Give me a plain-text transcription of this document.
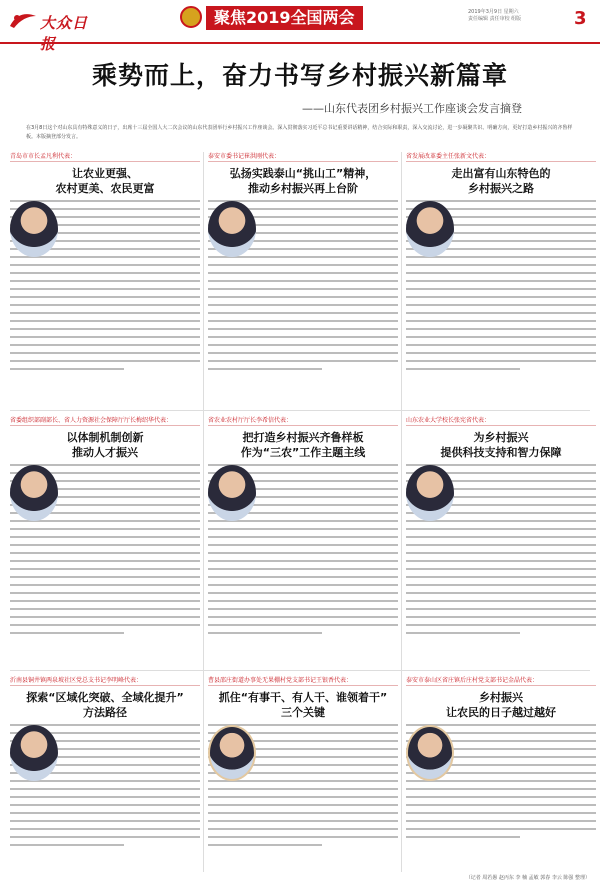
大众日报
聚焦2019全国两会	2019年3月9日 星期六
责任编辑 责任审校 组版	3
乘势而上，奋力书写乡村振兴新篇章
——山东代表团乡村振兴工作座谈会发言摘登
在3月8日这个对山东具有特殊意义的日子，出席十三届全国人大二次会议的山东代表团举行乡村振兴工作座谈会。深入贯彻落实习近平总书记重要讲话精神，结合实际和职责，深入交流讨论，进一步凝聚共识、明确方向，更好打造乡村振兴的齐鲁样板。本版摘登部分发言。
青岛市市长孟凡利代表：
让农业更强、
农村更美、农民更富
泰安市委书记崔洪刚代表：
弘扬实践泰山“挑山工”精神，
推动乡村振兴再上台阶
省发展改革委主任张新文代表：
走出富有山东特色的
乡村振兴之路
省委组织部副部长、省人力资源社会保障厅厅长梅绍华代表：
以体制机制创新
推动人才振兴
省农业农村厅厅长李希信代表：
把打造乡村振兴齐鲁样板
作为“三农”工作主题主线
山东农业大学校长张宪省代表：
为乡村振兴
提供科技支持和智力保障
沂南县铜井镇两泉坡社区党总支书记李明峰代表：
探索“区域化突破、全域化提升”
方法路径
曹县邵庄街道办事处无果棚村党支部书记王银香代表：
抓住“有事干、有人干、谁领着干”
三个关键
泰安市泰山区省庄镇后庄村党支部书记金晶代表：
乡村振兴
让农民的日子越过越好
（记者 周若愚 赵丙东 李 楠 孟敏 郭春 李云 陈强 整理）
